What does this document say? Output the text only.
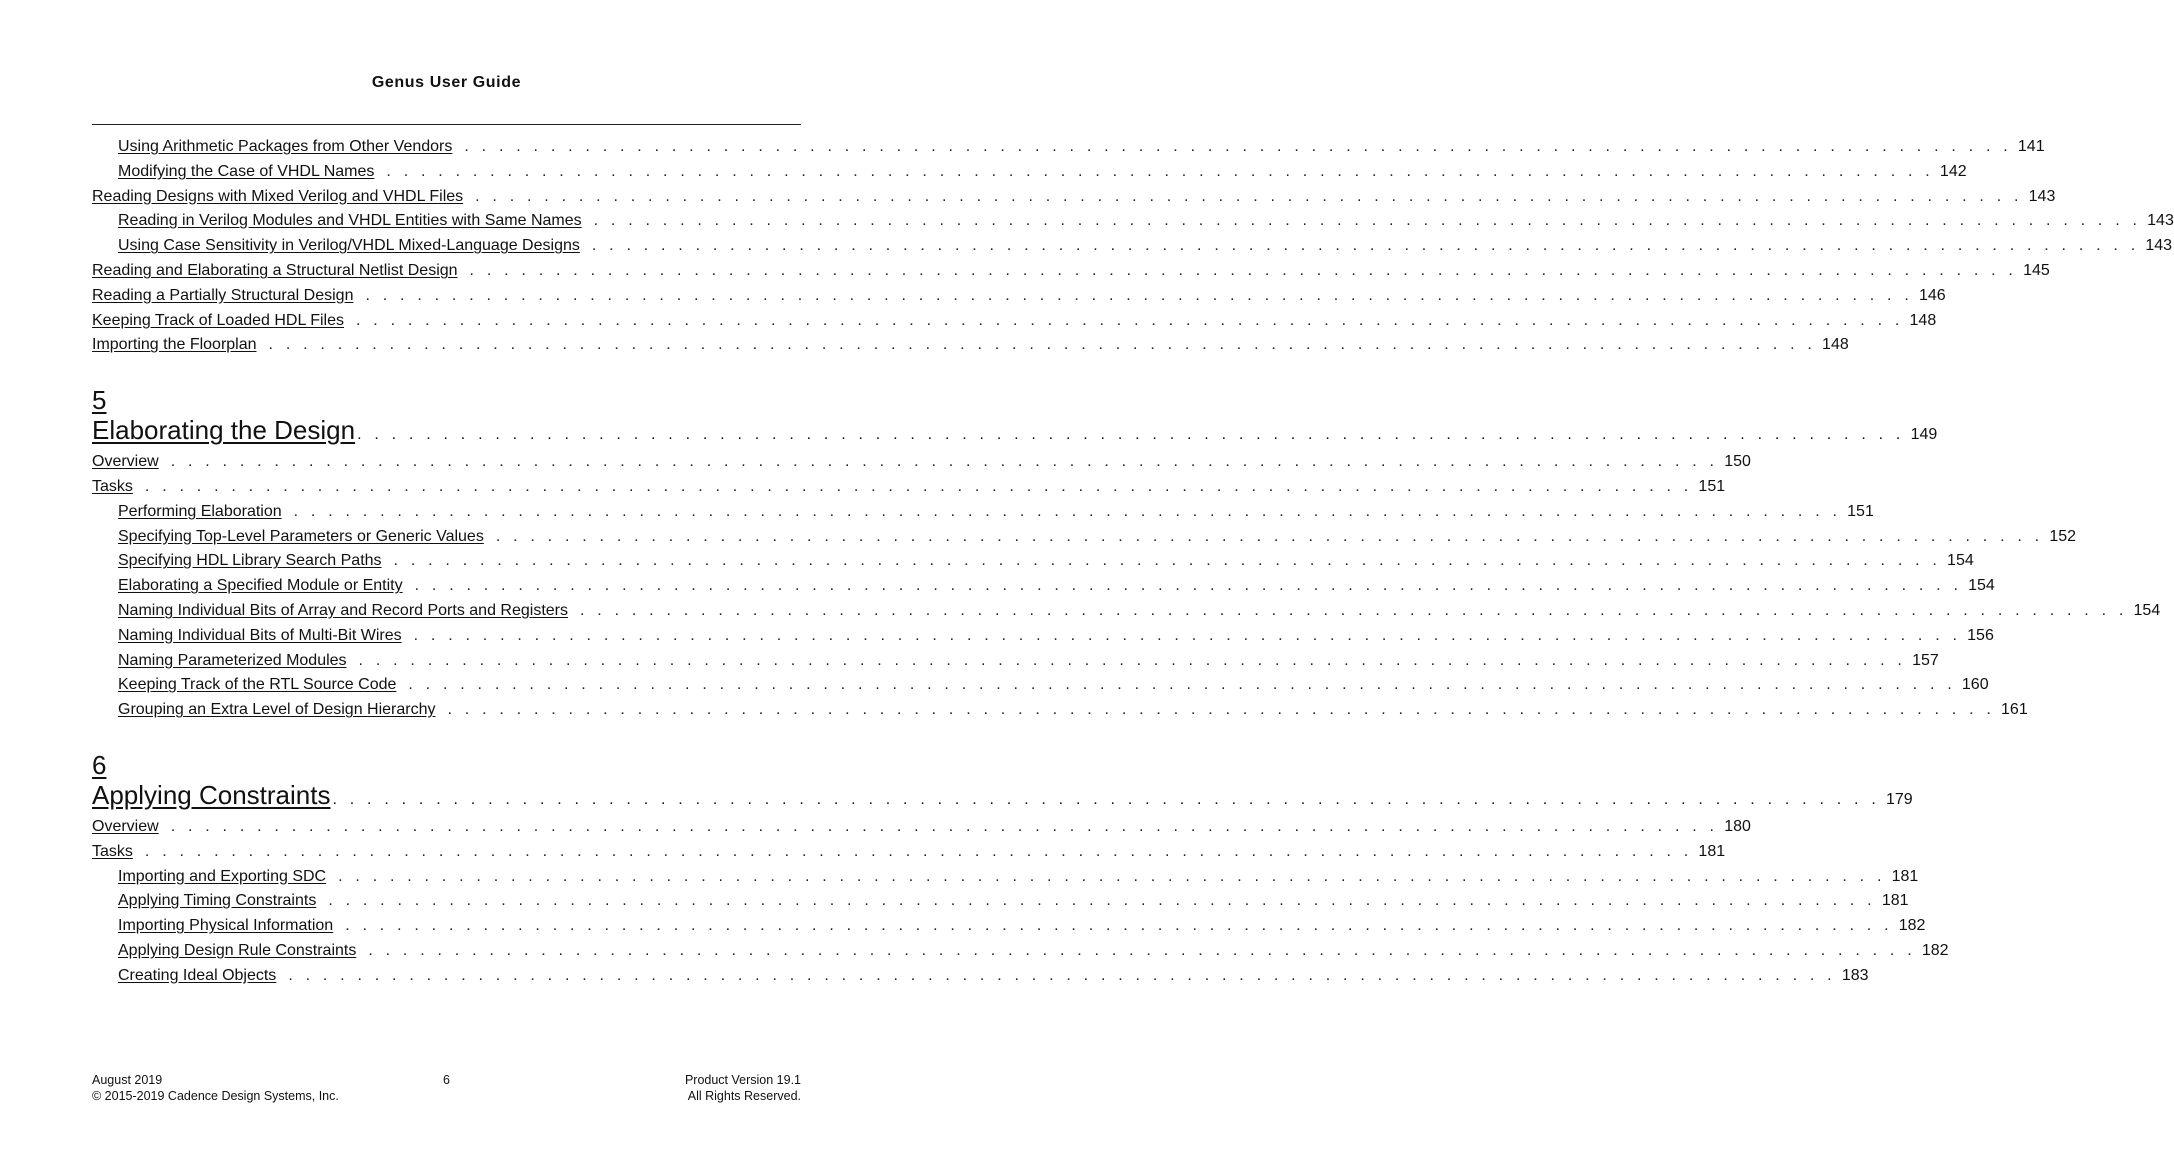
Genus User Guide
Using Arithmetic Packages from Other Vendors . . . . . . . . . . . . . . . . . . . . . . . . . . . . . . . . . . . . . . . . . . . . . . . . . . . . . . . . . . . . . . . . . . . . . . . . . . . . . . . . . . . . . . . . . . 141
Modifying the Case of VHDL Names . . . . . . . . . . . . . . . . . . . . . . . . . . . . . . . . . . . . . . . . . . . . . . . . . . . . . . . . . . . . . . . . . . . . . . . . . . . . . . . . . . . . . . . . . . 142
Reading Designs with Mixed Verilog and VHDL Files . . . . . . . . . . . . . . . . . . . . . . . . . . . . . . . . . . . . . . . . . . . . . . . . . . . . . . . . . . . . . . . . . . . . . . . . . . . . . . . . . . . . . . . . . . 143
Reading in Verilog Modules and VHDL Entities with Same Names . . . . . . . . . . . . . . . . . . . . . . . . . . . . . . . . . . . . . . . . . . . . . . . . . . . . . . . . . . . . . . . . . . . . . . . . . . . . . . . . . . . . . . . . . . 143
Using Case Sensitivity in Verilog/VHDL Mixed-Language Designs . . . . . . . . . . . . . . . . . . . . . . . . . . . . . . . . . . . . . . . . . . . . . . . . . . . . . . . . . . . . . . . . . . . . . . . . . . . . . . . . . . . . . . . . . . 143
Reading and Elaborating a Structural Netlist Design . . . . . . . . . . . . . . . . . . . . . . . . . . . . . . . . . . . . . . . . . . . . . . . . . . . . . . . . . . . . . . . . . . . . . . . . . . . . . . . . . . . . . . . . . . 145
Reading a Partially Structural Design . . . . . . . . . . . . . . . . . . . . . . . . . . . . . . . . . . . . . . . . . . . . . . . . . . . . . . . . . . . . . . . . . . . . . . . . . . . . . . . . . . . . . . . . . . 146
Keeping Track of Loaded HDL Files . . . . . . . . . . . . . . . . . . . . . . . . . . . . . . . . . . . . . . . . . . . . . . . . . . . . . . . . . . . . . . . . . . . . . . . . . . . . . . . . . . . . . . . . . . 148
Importing the Floorplan . . . . . . . . . . . . . . . . . . . . . . . . . . . . . . . . . . . . . . . . . . . . . . . . . . . . . . . . . . . . . . . . . . . . . . . . . . . . . . . . . . . . . . . . . . 148
5
Elaborating the Design . . . . . . . . . . . . . . . . . . . . . . . . . . . . . . . . . . . . . . . . . . . . . . . . . . . . . . . . . . . . . . . . . . . . . . . . . . . . . . . . . . . . . . . . . . 149
Overview . . . . . . . . . . . . . . . . . . . . . . . . . . . . . . . . . . . . . . . . . . . . . . . . . . . . . . . . . . . . . . . . . . . . . . . . . . . . . . . . . . . . . . . . . . 150
Tasks . . . . . . . . . . . . . . . . . . . . . . . . . . . . . . . . . . . . . . . . . . . . . . . . . . . . . . . . . . . . . . . . . . . . . . . . . . . . . . . . . . . . . . . . . . 151
Performing Elaboration . . . . . . . . . . . . . . . . . . . . . . . . . . . . . . . . . . . . . . . . . . . . . . . . . . . . . . . . . . . . . . . . . . . . . . . . . . . . . . . . . . . . . . . . . . 151
Specifying Top-Level Parameters or Generic Values . . . . . . . . . . . . . . . . . . . . . . . . . . . . . . . . . . . . . . . . . . . . . . . . . . . . . . . . . . . . . . . . . . . . . . . . . . . . . . . . . . . . . . . . . . 152
Specifying HDL Library Search Paths . . . . . . . . . . . . . . . . . . . . . . . . . . . . . . . . . . . . . . . . . . . . . . . . . . . . . . . . . . . . . . . . . . . . . . . . . . . . . . . . . . . . . . . . . . 154
Elaborating a Specified Module or Entity . . . . . . . . . . . . . . . . . . . . . . . . . . . . . . . . . . . . . . . . . . . . . . . . . . . . . . . . . . . . . . . . . . . . . . . . . . . . . . . . . . . . . . . . . . 154
Naming Individual Bits of Array and Record Ports and Registers . . . . . . . . . . . . . . . . . . . . . . . . . . . . . . . . . . . . . . . . . . . . . . . . . . . . . . . . . . . . . . . . . . . . . . . . . . . . . . . . . . . . . . . . . . 154
Naming Individual Bits of Multi-Bit Wires . . . . . . . . . . . . . . . . . . . . . . . . . . . . . . . . . . . . . . . . . . . . . . . . . . . . . . . . . . . . . . . . . . . . . . . . . . . . . . . . . . . . . . . . . . 156
Naming Parameterized Modules . . . . . . . . . . . . . . . . . . . . . . . . . . . . . . . . . . . . . . . . . . . . . . . . . . . . . . . . . . . . . . . . . . . . . . . . . . . . . . . . . . . . . . . . . . 157
Keeping Track of the RTL Source Code . . . . . . . . . . . . . . . . . . . . . . . . . . . . . . . . . . . . . . . . . . . . . . . . . . . . . . . . . . . . . . . . . . . . . . . . . . . . . . . . . . . . . . . . . . 160
Grouping an Extra Level of Design Hierarchy . . . . . . . . . . . . . . . . . . . . . . . . . . . . . . . . . . . . . . . . . . . . . . . . . . . . . . . . . . . . . . . . . . . . . . . . . . . . . . . . . . . . . . . . . . 161
6
Applying Constraints . . . . . . . . . . . . . . . . . . . . . . . . . . . . . . . . . . . . . . . . . . . . . . . . . . . . . . . . . . . . . . . . . . . . . . . . . . . . . . . . . . . . . . . . . . 179
Overview . . . . . . . . . . . . . . . . . . . . . . . . . . . . . . . . . . . . . . . . . . . . . . . . . . . . . . . . . . . . . . . . . . . . . . . . . . . . . . . . . . . . . . . . . . 180
Tasks . . . . . . . . . . . . . . . . . . . . . . . . . . . . . . . . . . . . . . . . . . . . . . . . . . . . . . . . . . . . . . . . . . . . . . . . . . . . . . . . . . . . . . . . . . 181
Importing and Exporting SDC . . . . . . . . . . . . . . . . . . . . . . . . . . . . . . . . . . . . . . . . . . . . . . . . . . . . . . . . . . . . . . . . . . . . . . . . . . . . . . . . . . . . . . . . . . 181
Applying Timing Constraints . . . . . . . . . . . . . . . . . . . . . . . . . . . . . . . . . . . . . . . . . . . . . . . . . . . . . . . . . . . . . . . . . . . . . . . . . . . . . . . . . . . . . . . . . . 181
Importing Physical Information . . . . . . . . . . . . . . . . . . . . . . . . . . . . . . . . . . . . . . . . . . . . . . . . . . . . . . . . . . . . . . . . . . . . . . . . . . . . . . . . . . . . . . . . . . 182
Applying Design Rule Constraints . . . . . . . . . . . . . . . . . . . . . . . . . . . . . . . . . . . . . . . . . . . . . . . . . . . . . . . . . . . . . . . . . . . . . . . . . . . . . . . . . . . . . . . . . . 182
Creating Ideal Objects . . . . . . . . . . . . . . . . . . . . . . . . . . . . . . . . . . . . . . . . . . . . . . . . . . . . . . . . . . . . . . . . . . . . . . . . . . . . . . . . . . . . . . . . . . 183
August 2019
© 2015-2019 Cadence Design Systems, Inc.
6	Product Version 19.1
All Rights Reserved.
